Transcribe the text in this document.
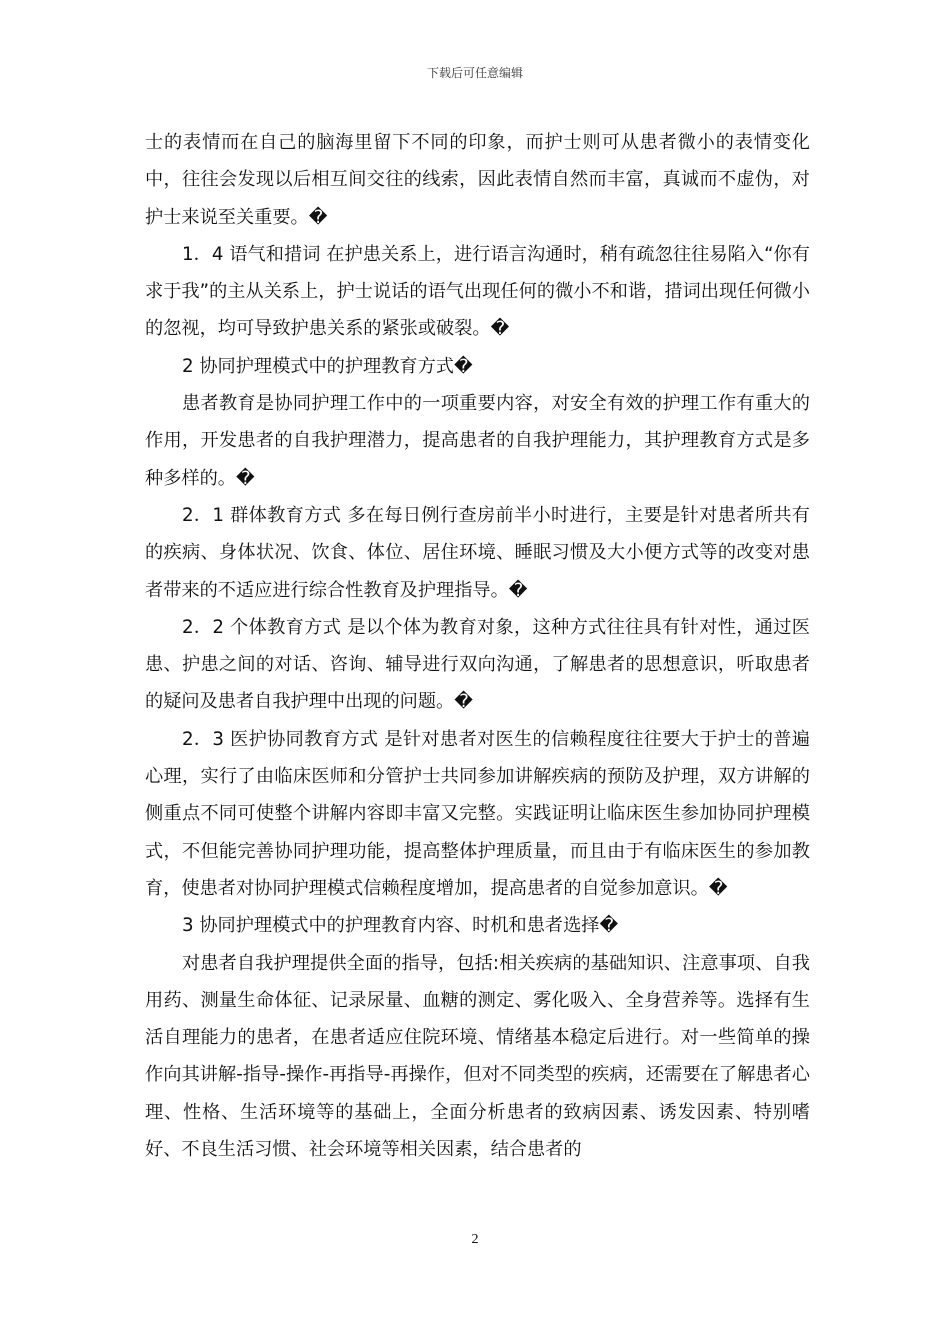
下载后可任意编辑

士的表情而在自己的脑海里留下不同的印象，而护士则可从患者微小的表情变化中，往往会发现以后相互间交往的线索，因此表情自然而丰富，真诚而不虚伪，对护士来说至关重要。�

1．4 语气和措词 在护患关系上，进行语言沟通时，稍有疏忽往往易陷入“你有求于我”的主从关系上，护士说话的语气出现任何的微小不和谐，措词出现任何微小的忽视，均可导致护患关系的紧张或破裂。�

2 协同护理模式中的护理教育方式�

患者教育是协同护理工作中的一项重要内容，对安全有效的护理工作有重大的作用，开发患者的自我护理潜力，提高患者的自我护理能力，其护理教育方式是多种多样的。�

2．1 群体教育方式 多在每日例行查房前半小时进行，主要是针对患者所共有的疾病、身体状况、饮食、体位、居住环境、睡眠习惯及大小便方式等的改变对患者带来的不适应进行综合性教育及护理指导。�

2．2 个体教育方式 是以个体为教育对象，这种方式往往具有针对性，通过医患、护患之间的对话、咨询、辅导进行双向沟通，了解患者的思想意识，听取患者的疑问及患者自我护理中出现的问题。�

2．3 医护协同教育方式 是针对患者对医生的信赖程度往往要大于护士的普遍心理，实行了由临床医师和分管护士共同参加讲解疾病的预防及护理，双方讲解的侧重点不同可使整个讲解内容即丰富又完整。实践证明让临床医生参加协同护理模式，不但能完善协同护理功能，提高整体护理质量，而且由于有临床医生的参加教育，使患者对协同护理模式信赖程度增加，提高患者的自觉参加意识。�

3 协同护理模式中的护理教育内容、时机和患者选择�

对患者自我护理提供全面的指导，包括:相关疾病的基础知识、注意事项、自我用药、测量生命体征、记录尿量、血糖的测定、雾化吸入、全身营养等。选择有生活自理能力的患者，在患者适应住院环境、情绪基本稳定后进行。对一些简单的操作向其讲解-指导-操作-再指导-再操作，但对不同类型的疾病，还需要在了解患者心理、性格、生活环境等的基础上，全面分析患者的致病因素、诱发因素、特别嗜好、不良生活习惯、社会环境等相关因素，结合患者的

2
